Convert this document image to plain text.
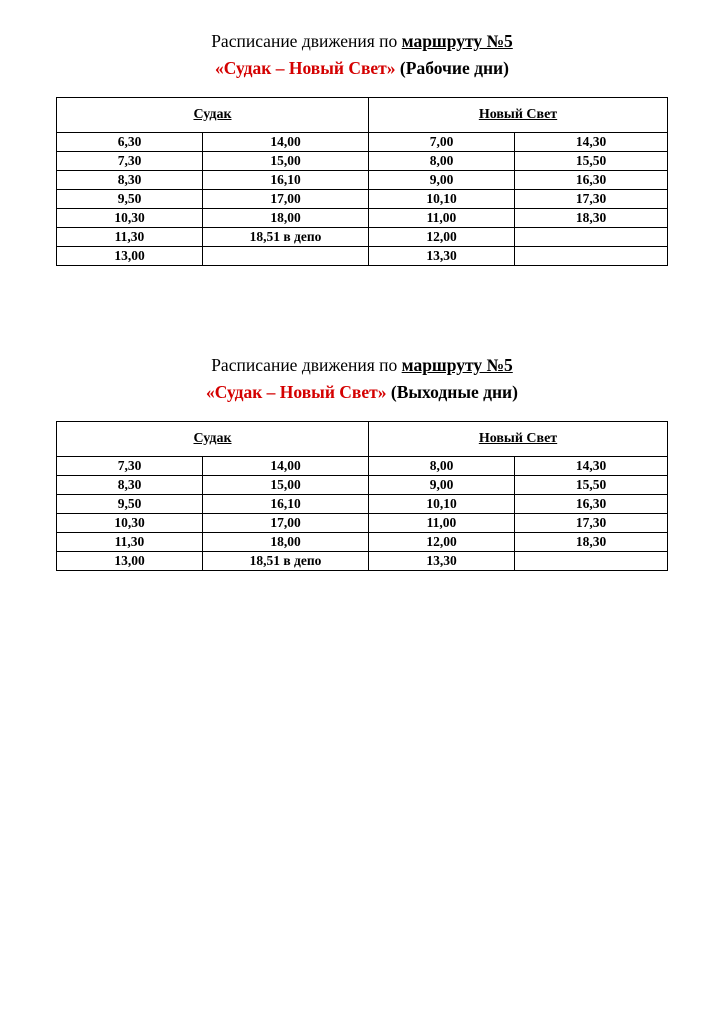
Расписание движения по маршруту №5

«Судак – Новый Свет» (Рабочие дни)

Судак		Новый Свет	
6,30	14,00	7,00	14,30
7,30	15,00	8,00	15,50
8,30	16,10	9,00	16,30
9,50	17,00	10,10	17,30
10,30	18,00	11,00	18,30
11,30	18,51 в депо	12,00	
13,00		13,30	

Расписание движения по маршруту №5

«Судак – Новый Свет» (Выходные дни)

Судак		Новый Свет	
7,30	14,00	8,00	14,30
8,30	15,00	9,00	15,50
9,50	16,10	10,10	16,30
10,30	17,00	11,00	17,30
11,30	18,00	12,00	18,30
13,00	18,51 в депо	13,30	
